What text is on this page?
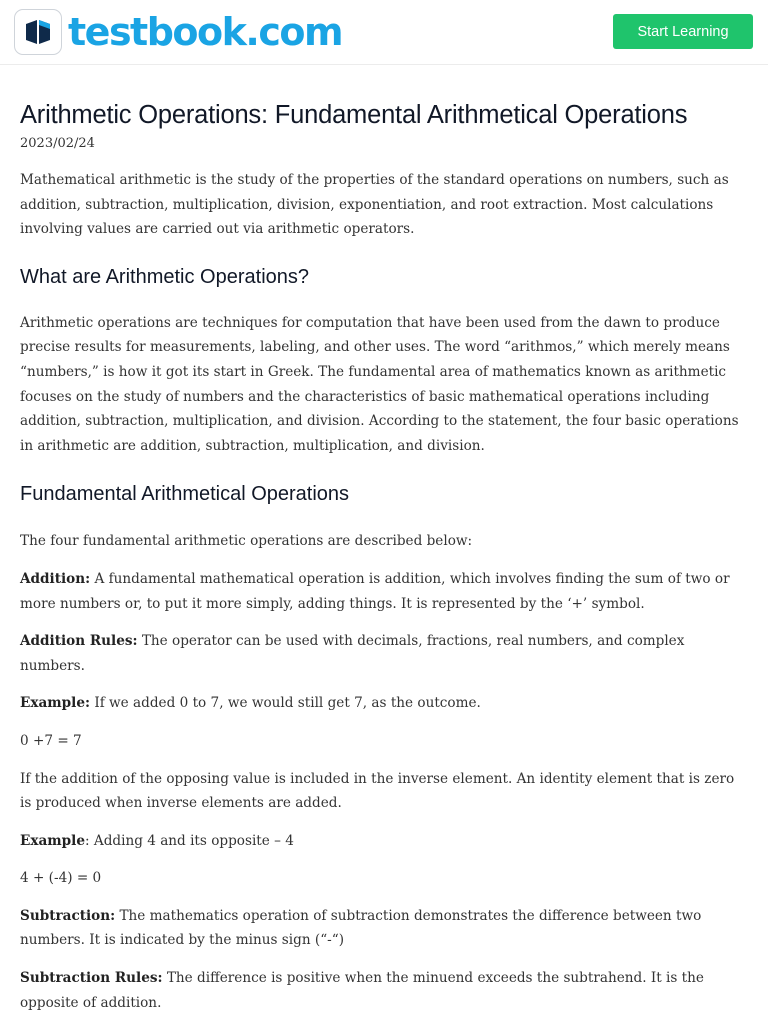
testbook.com	Start Learning
Arithmetic Operations: Fundamental Arithmetical Operations
2023/02/24

Mathematical arithmetic is the study of the properties of the standard operations on numbers, such as addition, subtraction, multiplication, division, exponentiation, and root extraction. Most calculations involving values are carried out via arithmetic operators.

What are Arithmetic Operations?

Arithmetic operations are techniques for computation that have been used from the dawn to produce precise results for measurements, labeling, and other uses. The word “arithmos,” which merely means “numbers,” is how it got its start in Greek. The fundamental area of mathematics known as arithmetic focuses on the study of numbers and the characteristics of basic mathematical operations including addition, subtraction, multiplication, and division. According to the statement, the four basic operations in arithmetic are addition, subtraction, multiplication, and division.

Fundamental Arithmetical Operations

The four fundamental arithmetic operations are described below:

Addition: A fundamental mathematical operation is addition, which involves finding the sum of two or more numbers or, to put it more simply, adding things. It is represented by the ‘+’ symbol.

Addition Rules: The operator can be used with decimals, fractions, real numbers, and complex numbers.

Example: If we added 0 to 7, we would still get 7, as the outcome.

0 +7 = 7

If the addition of the opposing value is included in the inverse element. An identity element that is zero is produced when inverse elements are added.

Example: Adding 4 and its opposite – 4

4 + (-4) = 0

Subtraction: The mathematics operation of subtraction demonstrates the difference between two numbers. It is indicated by the minus sign (“-“)

Subtraction Rules: The difference is positive when the minuend exceeds the subtrahend. It is the opposite of addition.
